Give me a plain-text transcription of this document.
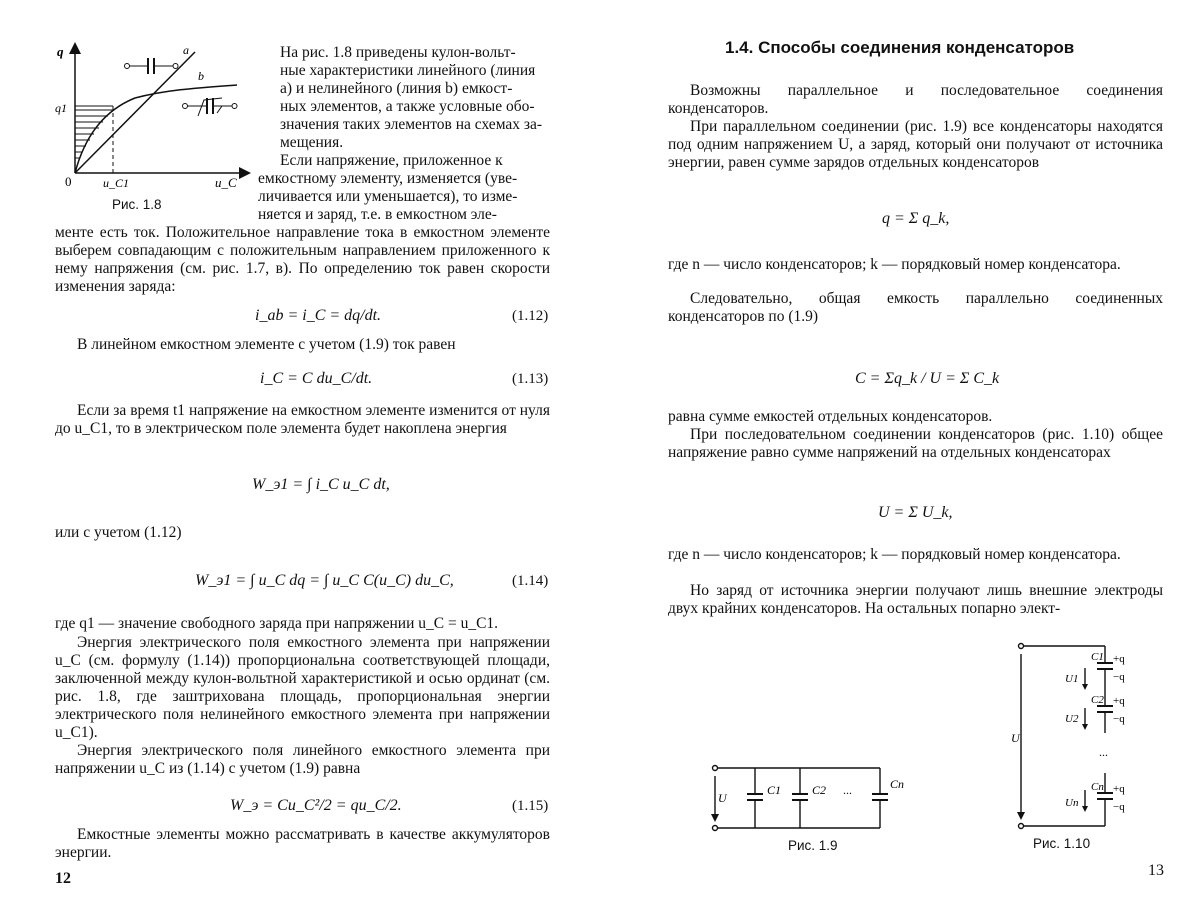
q
q1
0	u_C1	u_C
a
b
Рис. 1.8
На рис. 1.8 приведены кулон-вольт-
ные характеристики линейного (линия
a) и нелинейного (линия b) емкост-
ных элементов, а также условные обо-
значения таких элементов на схемах за-
мещения.
Если напряжение, приложенное к
емкостному элементу, изменяется (уве-
личивается или уменьшается), то изме-
няется и заряд, т.е. в емкостном эле-

менте есть ток. Положительное направление тока в емкостном элементе выберем совпадающим с положительным направлением приложенного к нему напряжения (см. рис. 1.7, в). По определению ток равен скорости изменения заряда:

i_ab = i_C = dq/dt.	(1.12)

В линейном емкостном элементе с учетом (1.9) ток равен

i_C = C du_C/dt.	(1.13)

Если за время t1 напряжение на емкостном элементе изменится от нуля до u_C1, то в электрическом поле элемента будет накоплена энергия

W_э1 = ∫ i_C u_C dt,

или с учетом (1.12)

W_э1 = ∫ u_C dq = ∫ u_C C(u_C) du_C,	(1.14)

где q1 — значение свободного заряда при напряжении u_C = u_C1.

Энергия электрического поля емкостного элемента при напряжении u_C (см. формулу (1.14)) пропорциональна соответствующей площади, заключенной между кулон-вольтной характеристикой и осью ординат (см. рис. 1.8, где заштрихована площадь, пропорциональная энергии электрического поля нелинейного емкостного элемента при напряжении u_C1).

Энергия электрического поля линейного емкостного элемента при напряжении u_C из (1.14) с учетом (1.9) равна

W_э = Cu_C²/2 = qu_C/2.	(1.15)

Емкостные элементы можно рассматривать в качестве аккумуляторов энергии.

12
1.4. Способы соединения конденсаторов

Возможны параллельное и последовательное соединения конденсаторов.

При параллельном соединении (рис. 1.9) все конденсаторы находятся под одним напряжением U, а заряд, который они получают от источника энергии, равен сумме зарядов отдельных конденсаторов

q = Σ q_k,

где n — число конденсаторов; k — порядковый номер конденсатора.

Следовательно, общая емкость параллельно соединенных конденсаторов по (1.9)

C = Σq_k / U = Σ C_k

равна сумме емкостей отдельных конденсаторов.

При последовательном соединении конденсаторов (рис. 1.10) общее напряжение равно сумме напряжений на отдельных конденсаторах

U = Σ U_k,

где n — число конденсаторов; k — порядковый номер конденсатора.

Но заряд от источника энергии получают лишь внешние электроды двух крайних конденсаторов. На остальных попарно элект-

U
C1	C2 ...	Cn
Рис. 1.9
U
U1
U2
Un
C1
C2
Cn
+q
−q
+q
−q
...
+q
−q
Рис. 1.10
13
